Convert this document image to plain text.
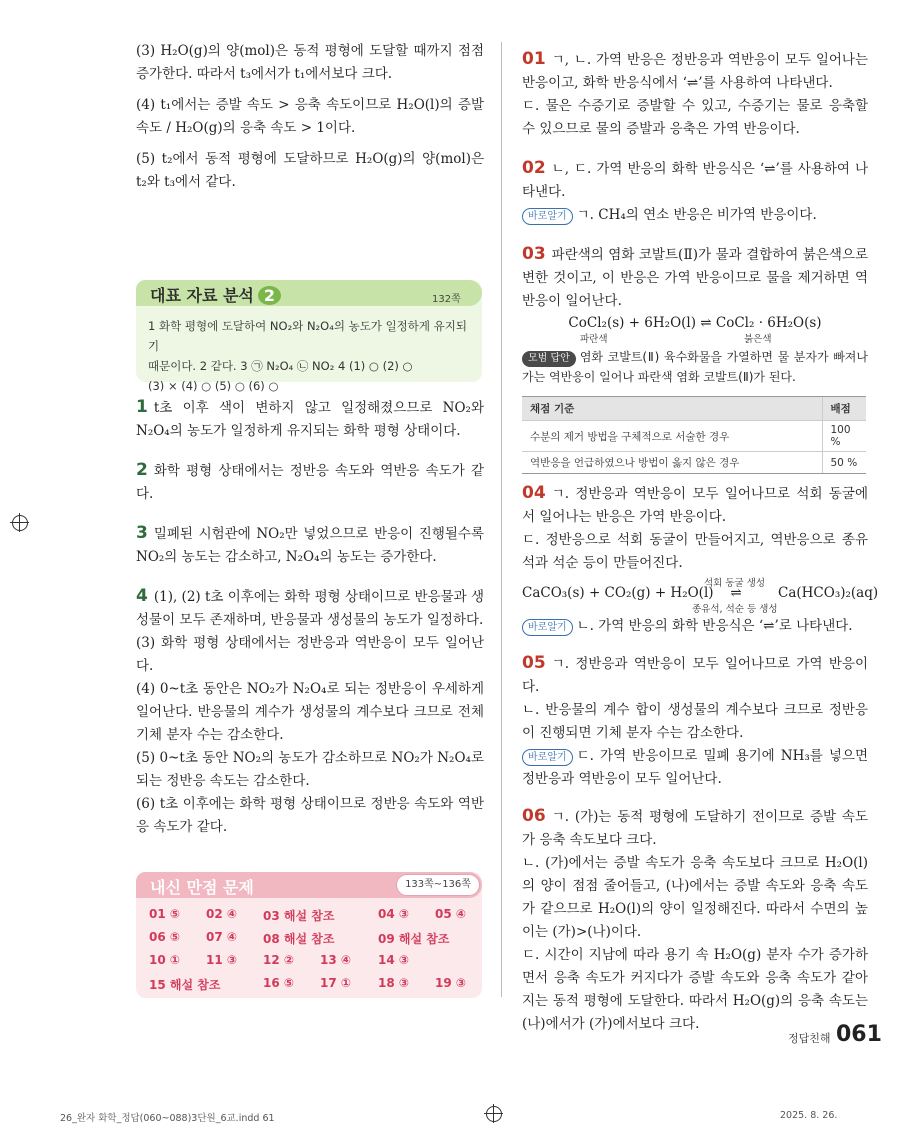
(3) H₂O(g)의 양(mol)은 동적 평형에 도달할 때까지 점점 증가한다. 따라서 t₃에서가 t₁에서보다 크다.

(4) t₁에서는 증발 속도 > 응축 속도이므로 H₂O(l)의 증발 속도 / H₂O(g)의 응축 속도 > 1이다.

(5) t₂에서 동적 평형에 도달하므로 H₂O(g)의 양(mol)은 t₂와 t₃에서 같다.

대표 자료 분석 2	132쪽
1 화학 평형에 도달하여 NO₂와 N₂O₄의 농도가 일정하게 유지되기
때문이다. 2 같다. 3 ㉠ N₂O₄ ㉡ NO₂ 4 (1) ○ (2) ○
(3) × (4) ○ (5) ○ (6) ○

1 t초 이후 색이 변하지 않고 일정해졌으므로 NO₂와 N₂O₄의 농도가 일정하게 유지되는 화학 평형 상태이다.

2 화학 평형 상태에서는 정반응 속도와 역반응 속도가 같다.

3 밀폐된 시험관에 NO₂만 넣었으므로 반응이 진행될수록 NO₂의 농도는 감소하고, N₂O₄의 농도는 증가한다.

4 (1), (2) t초 이후에는 화학 평형 상태이므로 반응물과 생성물이 모두 존재하며, 반응물과 생성물의 농도가 일정하다.

(3) 화학 평형 상태에서는 정반응과 역반응이 모두 일어난다.

(4) 0~t초 동안은 NO₂가 N₂O₄로 되는 정반응이 우세하게 일어난다. 반응물의 계수가 생성물의 계수보다 크므로 전체 기체 분자 수는 감소한다.

(5) 0~t초 동안 NO₂의 농도가 감소하므로 NO₂가 N₂O₄로 되는 정반응 속도는 감소한다.

(6) t초 이후에는 화학 평형 상태이므로 정반응 속도와 역반응 속도가 같다.

내신 만점 문제	133쪽~136쪽
01 ⑤	02 ④	03 해설 참조	04 ③	05 ④
06 ⑤	07 ④	08 해설 참조	09 해설 참조
10 ①	11 ③	12 ②	13 ④	14 ③
15 해설 참조	16 ⑤	17 ①	18 ③	19 ③

01 ㄱ, ㄴ. 가역 반응은 정반응과 역반응이 모두 일어나는 반응이고, 화학 반응식에서 ‘⇌’를 사용하여 나타낸다.

ㄷ. 물은 수증기로 증발할 수 있고, 수증기는 물로 응축할 수 있으므로 물의 증발과 응축은 가역 반응이다.

02 ㄴ, ㄷ. 가역 반응의 화학 반응식은 ‘⇌’를 사용하여 나타낸다.

바로알기 ㄱ. CH₄의 연소 반응은 비가역 반응이다.

03 파란색의 염화 코발트(Ⅱ)가 물과 결합하여 붉은색으로 변한 것이고, 이 반응은 가역 반응이므로 물을 제거하면 역반응이 일어난다.

CoCl₂(s) + 6H₂O(l) ⇌ CoCl₂ · 6H₂O(s)

파란색	붉은색

모범 답안 염화 코발트(Ⅱ) 육수화물을 가열하면 물 분자가 빠져나가는 역반응이 일어나 파란색 염화 코발트(Ⅱ)가 된다.

채점 기준	배점
수분의 제거 방법을 구체적으로 서술한 경우	100 %
역반응을 언급하였으나 방법이 옳지 않은 경우	50 %

04 ㄱ. 정반응과 역반응이 모두 일어나므로 석회 동굴에서 일어나는 반응은 가역 반응이다.

ㄷ. 정반응으로 석회 동굴이 만들어지고, 역반응으로 종유석과 석순 등이 만들어진다.

CaCO₃(s) + CO₂(g) + H₂O(l)
석회 동굴 생성
⇌
종유석, 석순 등 생성
Ca(HCO₃)₂(aq)

바로알기 ㄴ. 가역 반응의 화학 반응식은 ‘⇌’로 나타낸다.

05 ㄱ. 정반응과 역반응이 모두 일어나므로 가역 반응이다.

ㄴ. 반응물의 계수 합이 생성물의 계수보다 크므로 정반응이 진행되면 기체 분자 수는 감소한다.

바로알기 ㄷ. 가역 반응이므로 밀폐 용기에 NH₃를 넣으면 정반응과 역반응이 모두 일어난다.

06 ㄱ. (가)는 동적 평형에 도달하기 전이므로 증발 속도가 응축 속도보다 크다.

ㄴ. (가)에서는 증발 속도가 응축 속도보다 크므로 H₂O(l)의 양이 점점 줄어들고, (나)에서는 증발 속도와 응축 속도가 같으므로 H₂O(l)의 양이 일정해진다. 따라서 수면의 높이는 (가)>(나)이다.

ㄷ. 시간이 지남에 따라 용기 속 H₂O(g) 분자 수가 증가하면서 응축 속도가 커지다가 증발 속도와 응축 속도가 같아지는 동적 평형에 도달한다. 따라서 H₂O(g)의 응축 속도는 (나)에서가 (가)에서보다 크다.

정답친해 061
26_완자 화학_정답(060~088)3단원_6교.indd 61	2025. 8. 26.
